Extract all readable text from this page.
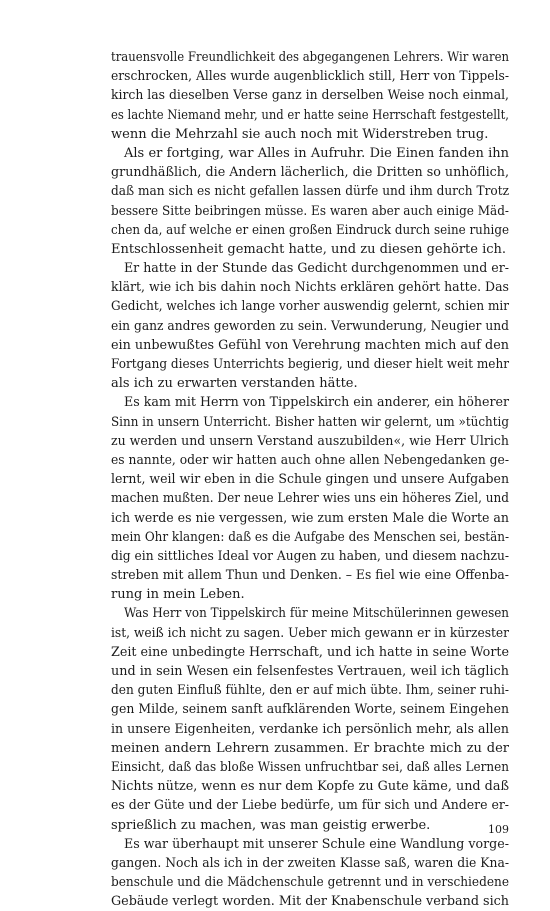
trauensvolle Freundlichkeit des abgegangenen Lehrers. Wir waren
erschrocken, Alles wurde augenblicklich still, Herr von Tippels-
kirch las dieselben Verse ganz in derselben Weise noch einmal,
es lachte Niemand mehr, und er hatte seine Herrschaft festgestellt,
wenn die Mehrzahl sie auch noch mit Widerstreben trug.
Als er fortging, war Alles in Aufruhr. Die Einen fanden ihn
grundhäßlich, die Andern lächerlich, die Dritten so unhöflich,
daß man sich es nicht gefallen lassen dürfe und ihm durch Trotz
bessere Sitte beibringen müsse. Es waren aber auch einige Mäd-
chen da, auf welche er einen großen Eindruck durch seine ruhige
Entschlossenheit gemacht hatte, und zu diesen gehörte ich.
Er hatte in der Stunde das Gedicht durchgenommen und er-
klärt, wie ich bis dahin noch Nichts erklären gehört hatte. Das
Gedicht, welches ich lange vorher auswendig gelernt, schien mir
ein ganz andres geworden zu sein. Verwunderung, Neugier und
ein unbewußtes Gefühl von Verehrung machten mich auf den
Fortgang dieses Unterrichts begierig, und dieser hielt weit mehr
als ich zu erwarten verstanden hätte.
Es kam mit Herrn von Tippelskirch ein anderer, ein höherer
Sinn in unsern Unterricht. Bisher hatten wir gelernt, um »tüchtig
zu werden und unsern Verstand auszubilden«, wie Herr Ulrich
es nannte, oder wir hatten auch ohne allen Nebengedanken ge-
lernt, weil wir eben in die Schule gingen und unsere Aufgaben
machen mußten. Der neue Lehrer wies uns ein höheres Ziel, und
ich werde es nie vergessen, wie zum ersten Male die Worte an
mein Ohr klangen: daß es die Aufgabe des Menschen sei, bestän-
dig ein sittliches Ideal vor Augen zu haben, und diesem nachzu-
streben mit allem Thun und Denken. – Es fiel wie eine Offenba-
rung in mein Leben.
Was Herr von Tippelskirch für meine Mitschülerinnen gewesen
ist, weiß ich nicht zu sagen. Ueber mich gewann er in kürzester
Zeit eine unbedingte Herrschaft, und ich hatte in seine Worte
und in sein Wesen ein felsenfestes Vertrauen, weil ich täglich
den guten Einfluß fühlte, den er auf mich übte. Ihm, seiner ruhi-
gen Milde, seinem sanft aufklärenden Worte, seinem Eingehen
in unsere Eigenheiten, verdanke ich persönlich mehr, als allen
meinen andern Lehrern zusammen. Er brachte mich zu der
Einsicht, daß das bloße Wissen unfruchtbar sei, daß alles Lernen
Nichts nütze, wenn es nur dem Kopfe zu Gute käme, und daß
es der Güte und der Liebe bedürfe, um für sich und Andere er-
sprießlich zu machen, was man geistig erwerbe.
Es war überhaupt mit unserer Schule eine Wandlung vorge-
gangen. Noch als ich in der zweiten Klasse saß, waren die Kna-
benschule und die Mädchenschule getrennt und in verschiedene
Gebäude verlegt worden. Mit der Knabenschule verband sich
109
